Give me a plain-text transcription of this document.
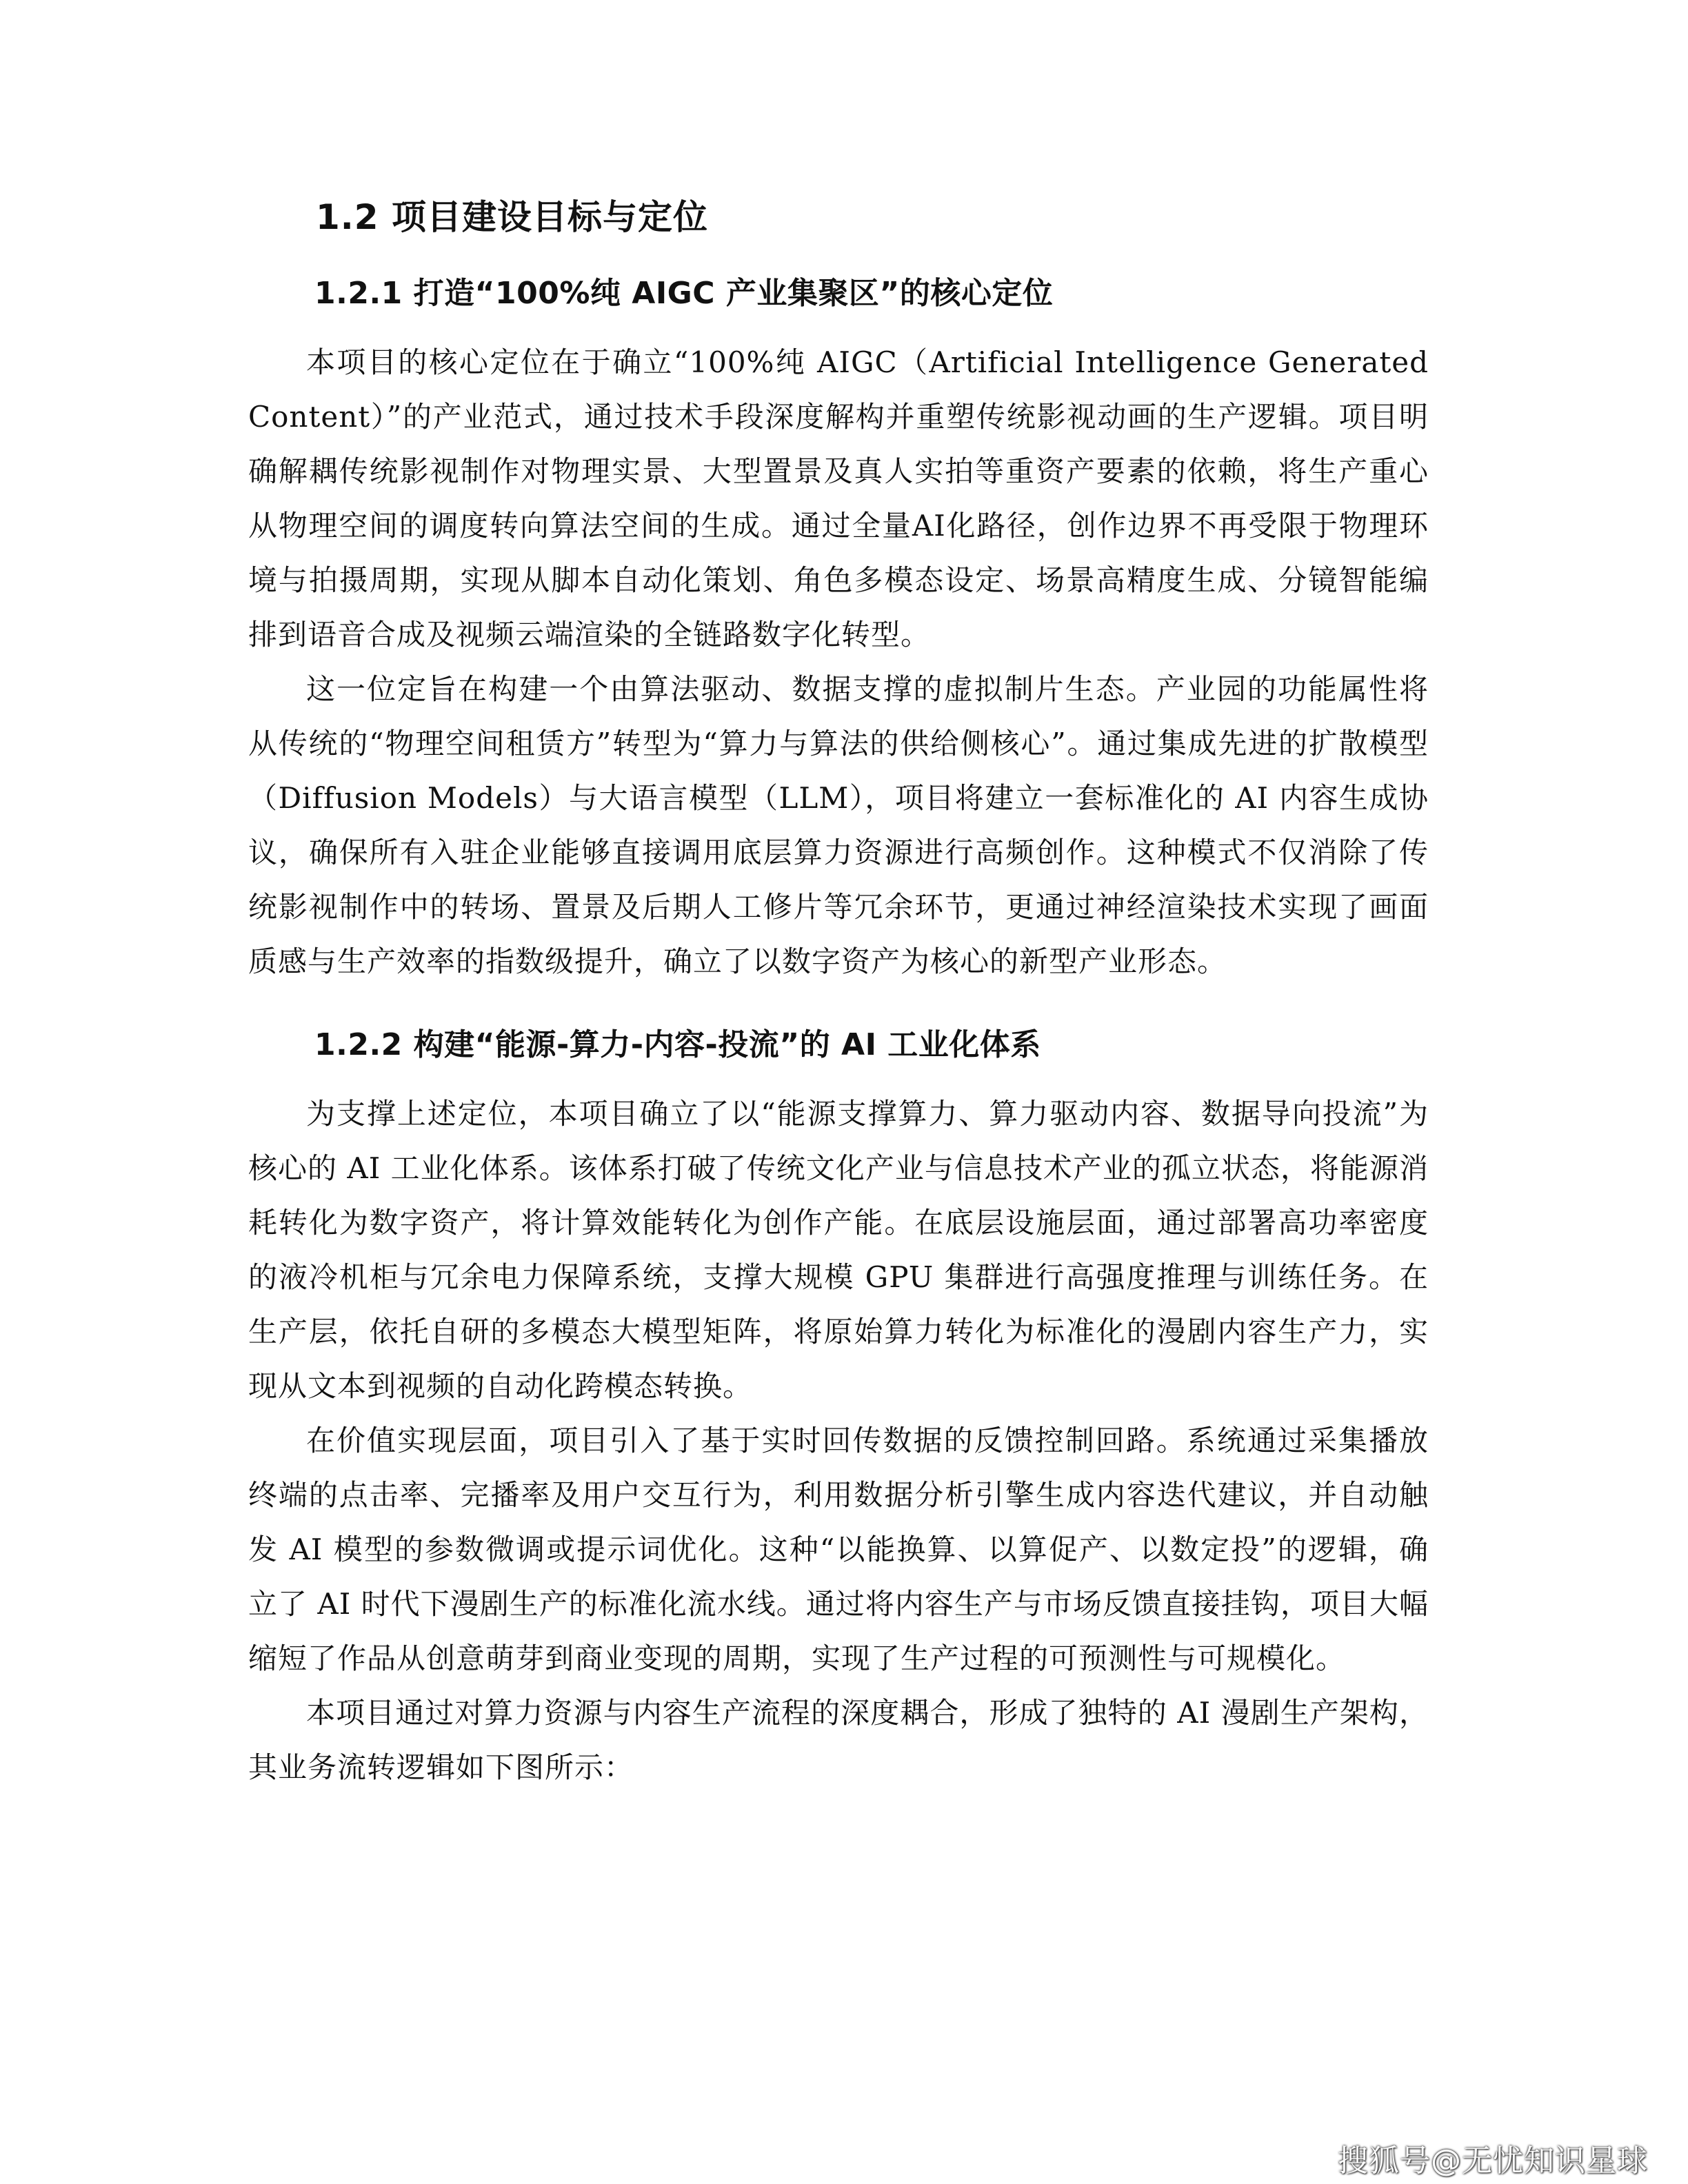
1.2 项目建设目标与定位
1.2.1 打造“100%纯 AIGC 产业集聚区”的核心定位

本项目的核心定位在于确立“100%纯 AIGC（Artificial Intelligence Generated Content）”的产业范式，通过技术手段深度解构并重塑传统影视动画的生产逻辑。项目明确解耦传统影视制作对物理实景、大型置景及真人实拍等重资产要素的依赖，将生产重心从物理空间的调度转向算法空间的生成。通过全量AI化路径，创作边界不再受限于物理环境与拍摄周期，实现从脚本自动化策划、角色多模态设定、场景高精度生成、分镜智能编排到语音合成及视频云端渲染的全链路数字化转型。

这一位定旨在构建一个由算法驱动、数据支撑的虚拟制片生态。产业园的功能属性将从传统的“物理空间租赁方”转型为“算力与算法的供给侧核心”。通过集成先进的扩散模型（Diffusion Models）与大语言模型（LLM），项目将建立一套标准化的 AI 内容生成协议，确保所有入驻企业能够直接调用底层算力资源进行高频创作。这种模式不仅消除了传统影视制作中的转场、置景及后期人工修片等冗余环节，更通过神经渲染技术实现了画面质感与生产效率的指数级提升，确立了以数字资产为核心的新型产业形态。

1.2.2 构建“能源-算力-内容-投流”的 AI 工业化体系

为支撑上述定位，本项目确立了以“能源支撑算力、算力驱动内容、数据导向投流”为核心的 AI 工业化体系。该体系打破了传统文化产业与信息技术产业的孤立状态，将能源消耗转化为数字资产，将计算效能转化为创作产能。在底层设施层面，通过部署高功率密度的液冷机柜与冗余电力保障系统，支撑大规模 GPU 集群进行高强度推理与训练任务。在生产层，依托自研的多模态大模型矩阵，将原始算力转化为标准化的漫剧内容生产力，实现从文本到视频的自动化跨模态转换。

在价值实现层面，项目引入了基于实时回传数据的反馈控制回路。系统通过采集播放终端的点击率、完播率及用户交互行为，利用数据分析引擎生成内容迭代建议，并自动触发 AI 模型的参数微调或提示词优化。这种“以能换算、以算促产、以数定投”的逻辑，确立了 AI 时代下漫剧生产的标准化流水线。通过将内容生产与市场反馈直接挂钩，项目大幅缩短了作品从创意萌芽到商业变现的周期，实现了生产过程的可预测性与可规模化。

本项目通过对算力资源与内容生产流程的深度耦合，形成了独特的 AI 漫剧生产架构，其业务流转逻辑如下图所示：

搜狐号@无忧知识星球
